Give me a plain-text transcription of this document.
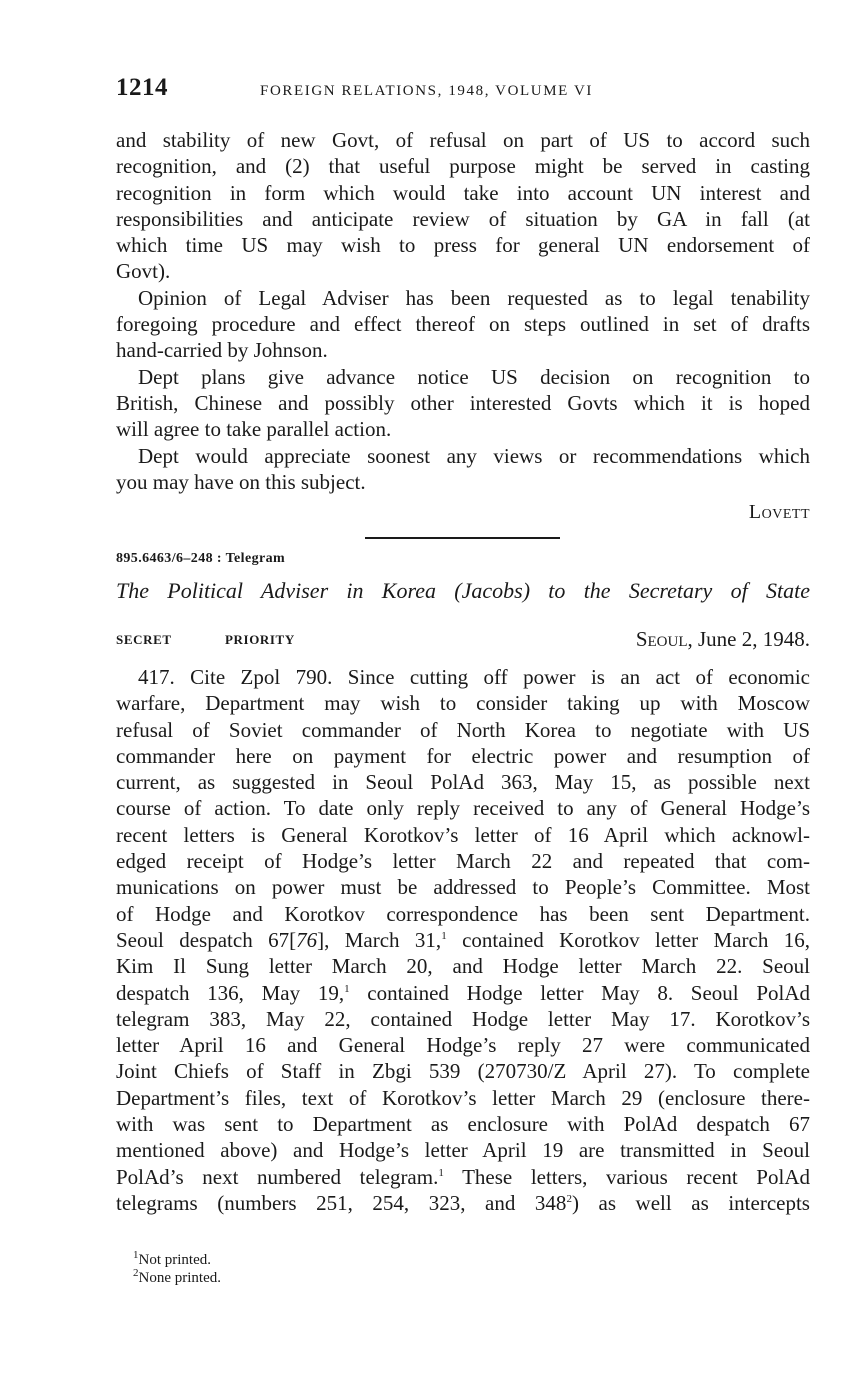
1214	FOREIGN RELATIONS, 1948, VOLUME VI
and stability of new Govt, of refusal on part of US to accord such
recognition, and (2) that useful purpose might be served in casting
recognition in form which would take into account UN interest and
responsibilities and anticipate review of situation by GA in fall (at
which time US may wish to press for general UN endorsement of
Govt).
Opinion of Legal Adviser has been requested as to legal tenability
foregoing procedure and effect thereof on steps outlined in set of drafts
hand-carried by Johnson.
Dept plans give advance notice US decision on recognition to
British, Chinese and possibly other interested Govts which it is hoped
will agree to take parallel action.
Dept would appreciate soonest any views or recommendations which
you may have on this subject.
Lovett
895.6463/6–248 : Telegram
The Political Adviser in Korea (Jacobs) to the Secretary of State
SECRET	PRIORITY	Seoul, June 2, 1948.
417. Cite Zpol 790. Since cutting off power is an act of economic
warfare, Department may wish to consider taking up with Moscow
refusal of Soviet commander of North Korea to negotiate with US
commander here on payment for electric power and resumption of
current, as suggested in Seoul PolAd 363, May 15, as possible next
course of action. To date only reply received to any of General Hodge’s
recent letters is General Korotkov’s letter of 16 April which acknowl-
edged receipt of Hodge’s letter March 22 and repeated that com-
munications on power must be addressed to People’s Committee. Most
of Hodge and Korotkov correspondence has been sent Department.
Seoul despatch 67[76], March 31,$^1$ contained Korotkov letter March 16,
Kim Il Sung letter March 20, and Hodge letter March 22. Seoul
despatch 136, May 19,$^1$ contained Hodge letter May 8. Seoul PolAd
telegram 383, May 22, contained Hodge letter May 17. Korotkov’s
letter April 16 and General Hodge’s reply 27 were communicated
Joint Chiefs of Staff in Zbgi 539 (270730/Z April 27). To complete
Department’s files, text of Korotkov’s letter March 29 (enclosure there-
with was sent to Department as enclosure with PolAd despatch 67
mentioned above) and Hodge’s letter April 19 are transmitted in Seoul
PolAd’s next numbered telegram.$^1$ These letters, various recent PolAd
telegrams (numbers 251, 254, 323, and $348^2$) as well as intercepts
$^1$Not printed.
$^2$None printed.
